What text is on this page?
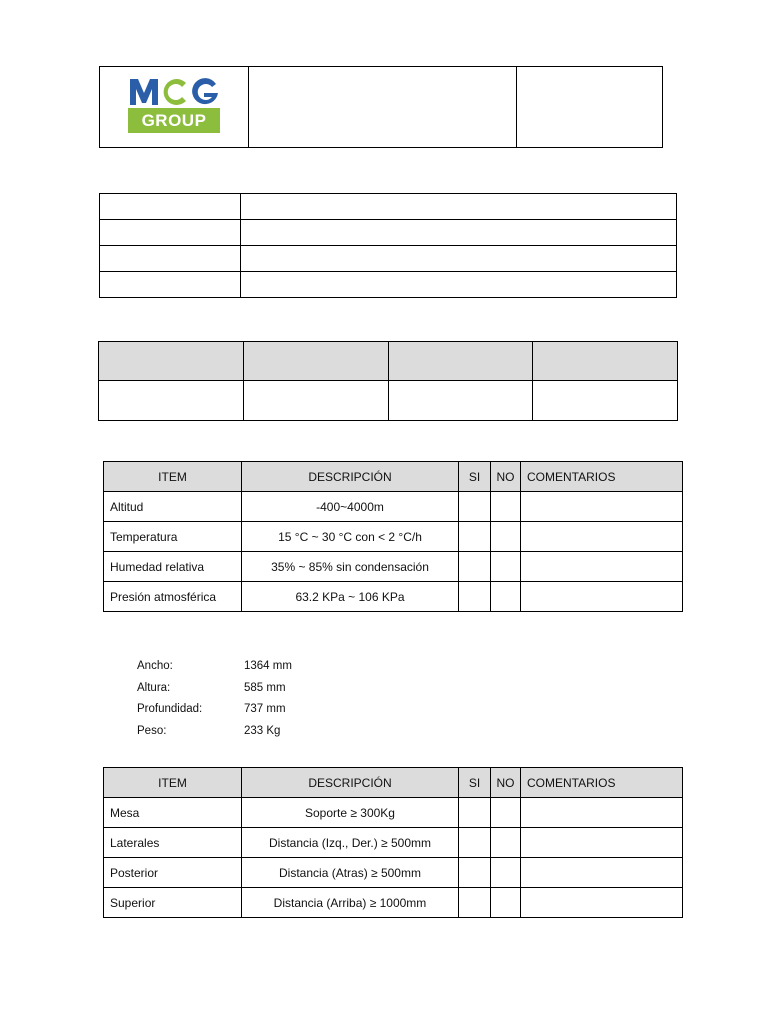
GROUP

ITEM	DESCRIPCIÓN	SI	NO	COMENTARIOS
Altitud	-400~4000m			
Temperatura	15 °C ~ 30 °C con < 2 °C/h			
Humedad relativa	35% ~ 85% sin condensación			
Presión atmosférica	63.2 KPa ~ 106 KPa			
Ancho:	1364 mm
Altura:	585 mm
Profundidad:	737 mm
Peso:	233 Kg
ITEM	DESCRIPCIÓN	SI	NO	COMENTARIOS
Mesa	Soporte ≥ 300Kg			
Laterales	Distancia (Izq., Der.) ≥ 500mm			
Posterior	Distancia (Atras) ≥ 500mm			
Superior	Distancia (Arriba) ≥ 1000mm			
